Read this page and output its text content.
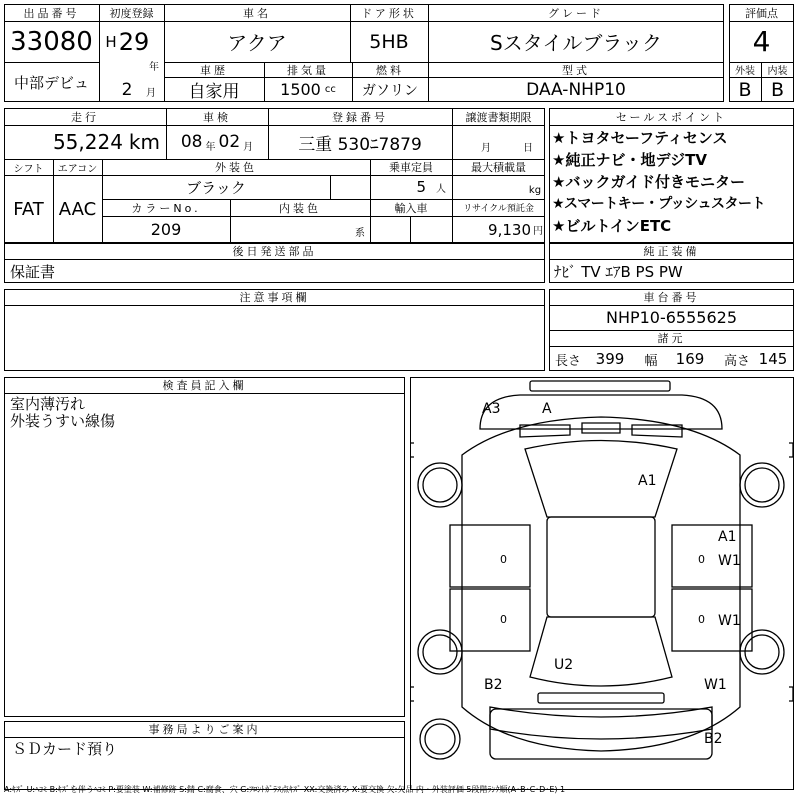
出品番号
33080
中部デビュ
初度登録
H 29
年
2	月
車名
アクア
ドア形状
5HB
グレード
Sスタイルブラック
車歴
自家用
排気量
1500 cc
燃料
ガソリン
型式
DAA-NHP10
評価点
4
外装	内装
B	B
走行
55,224 km
車検
08 年 02 月
登録番号
三重 530ﾆ7879
譲渡書類期限
月	日
シフト
FAT
エアコン
AAC
外装色
ブラック
カラーNo.
209
内装色
系
乗車定員
5 人
輸入車
最大積載量
kg
リサイクル預託金
9,130 円
セールスポイント
★トヨタセーフティセンス
★純正ナビ・地デジTV
★バックガイド付きモニター
★スマートキー・プッシュスタート
★ビルトインETC
後日発送部品
保証書
純正装備
ﾅﾋﾞ TV ｴｱB PS PW
注意事項欄	車台番号
NHP10-6555625
諸元
長さ 399	幅	169	高さ 145
検査員記入欄
室内薄汚れ
外装うすい線傷
事務局よりご案内
ＳＤカード預り
A3	A
A1
A1
W1
W1
U2
B2	W1
B2
0
0
0
0
A:ｷｽﾞ U:ﾍｺﾐ B:ｷｽﾞを伴うﾍｺﾐ P:要塗装 W:補修跡 S:錆 C:腐食、穴 G:ﾌﾛﾝﾄｶﾞﾗｽ点ｷｽﾞ XX:交換済み X:要交換 欠:欠品 内・外装評価 5段階ﾗﾝｸ順(A･B･C･D･E) 1
